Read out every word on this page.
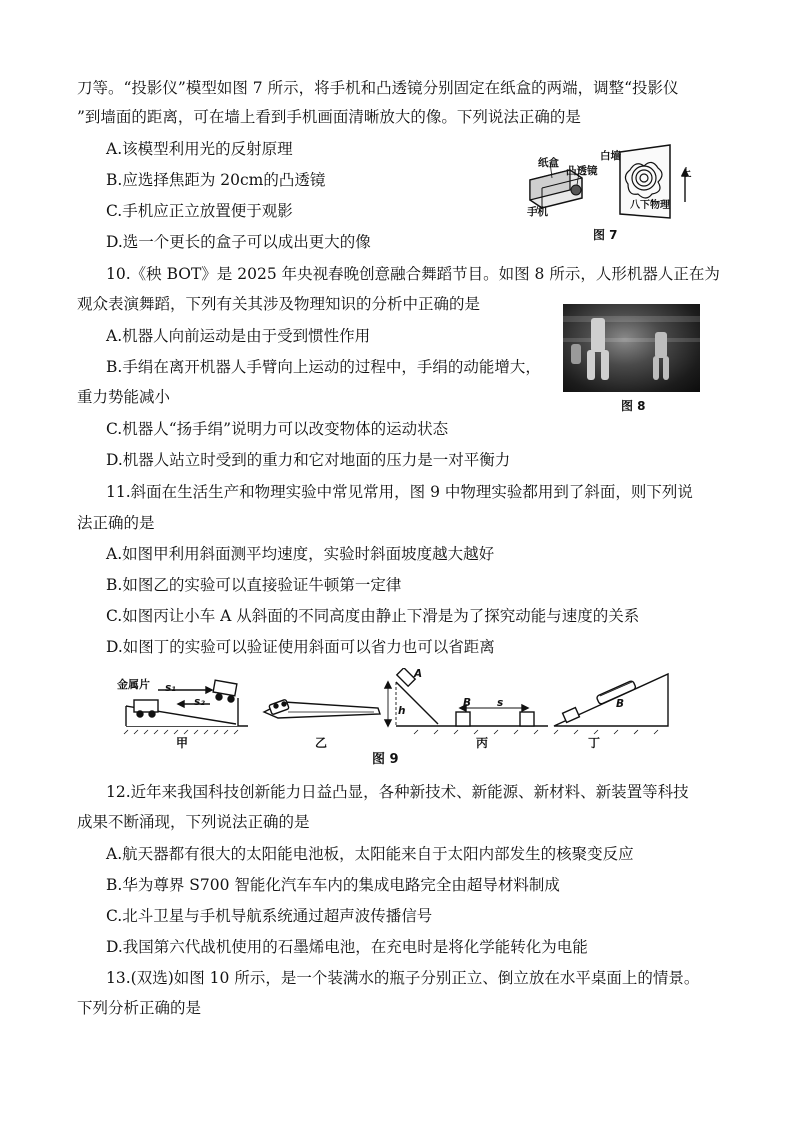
刀等。“投影仪”模型如图 7 所示，将手机和凸透镜分别固定在纸盒的两端，调整“投影仪
”到墙面的距离，可在墙上看到手机画面清晰放大的像。下列说法正确的是
A.该模型利用光的反射原理
B.应选择焦距为 20cm的凸透镜
C.手机应正立放置便于观影
D.选一个更长的盒子可以成出更大的像
纸盒
凸透镜
手机
白墙
上
八下物理
图 7
10.《秧 BOT》是 2025 年央视春晚创意融合舞蹈节目。如图 8 所示，人形机器人正在为
观众表演舞蹈，下列有关其涉及物理知识的分析中正确的是
A.机器人向前运动是由于受到惯性作用
B.手绢在离开机器人手臂向上运动的过程中，手绢的动能增大，
重力势能减小
C.机器人“扬手绢”说明力可以改变物体的运动状态
D.机器人站立时受到的重力和它对地面的压力是一对平衡力
图 8
11.斜面在生活生产和物理实验中常见常用，图 9 中物理实验都用到了斜面，则下列说
法正确的是
A.如图甲利用斜面测平均速度，实验时斜面坡度越大越好
B.如图乙的实验可以直接验证牛顿第一定律
C.如图丙让小车 A 从斜面的不同高度由静止下滑是为了探究动能与速度的关系
D.如图丁的实验可以验证使用斜面可以省力也可以省距离
金属片 s₁
s₂
甲	乙	丙	丁
A
B
h
s	B
图 9
12.近年来我国科技创新能力日益凸显，各种新技术、新能源、新材料、新装置等科技
成果不断涌现，下列说法正确的是
A.航天器都有很大的太阳能电池板，太阳能来自于太阳内部发生的核聚变反应
B.华为尊界 S700 智能化汽车车内的集成电路完全由超导材料制成
C.北斗卫星与手机导航系统通过超声波传播信号
D.我国第六代战机使用的石墨烯电池，在充电时是将化学能转化为电能
13.(双选)如图 10 所示，是一个装满水的瓶子分别正立、倒立放在水平桌面上的情景。
下列分析正确的是
